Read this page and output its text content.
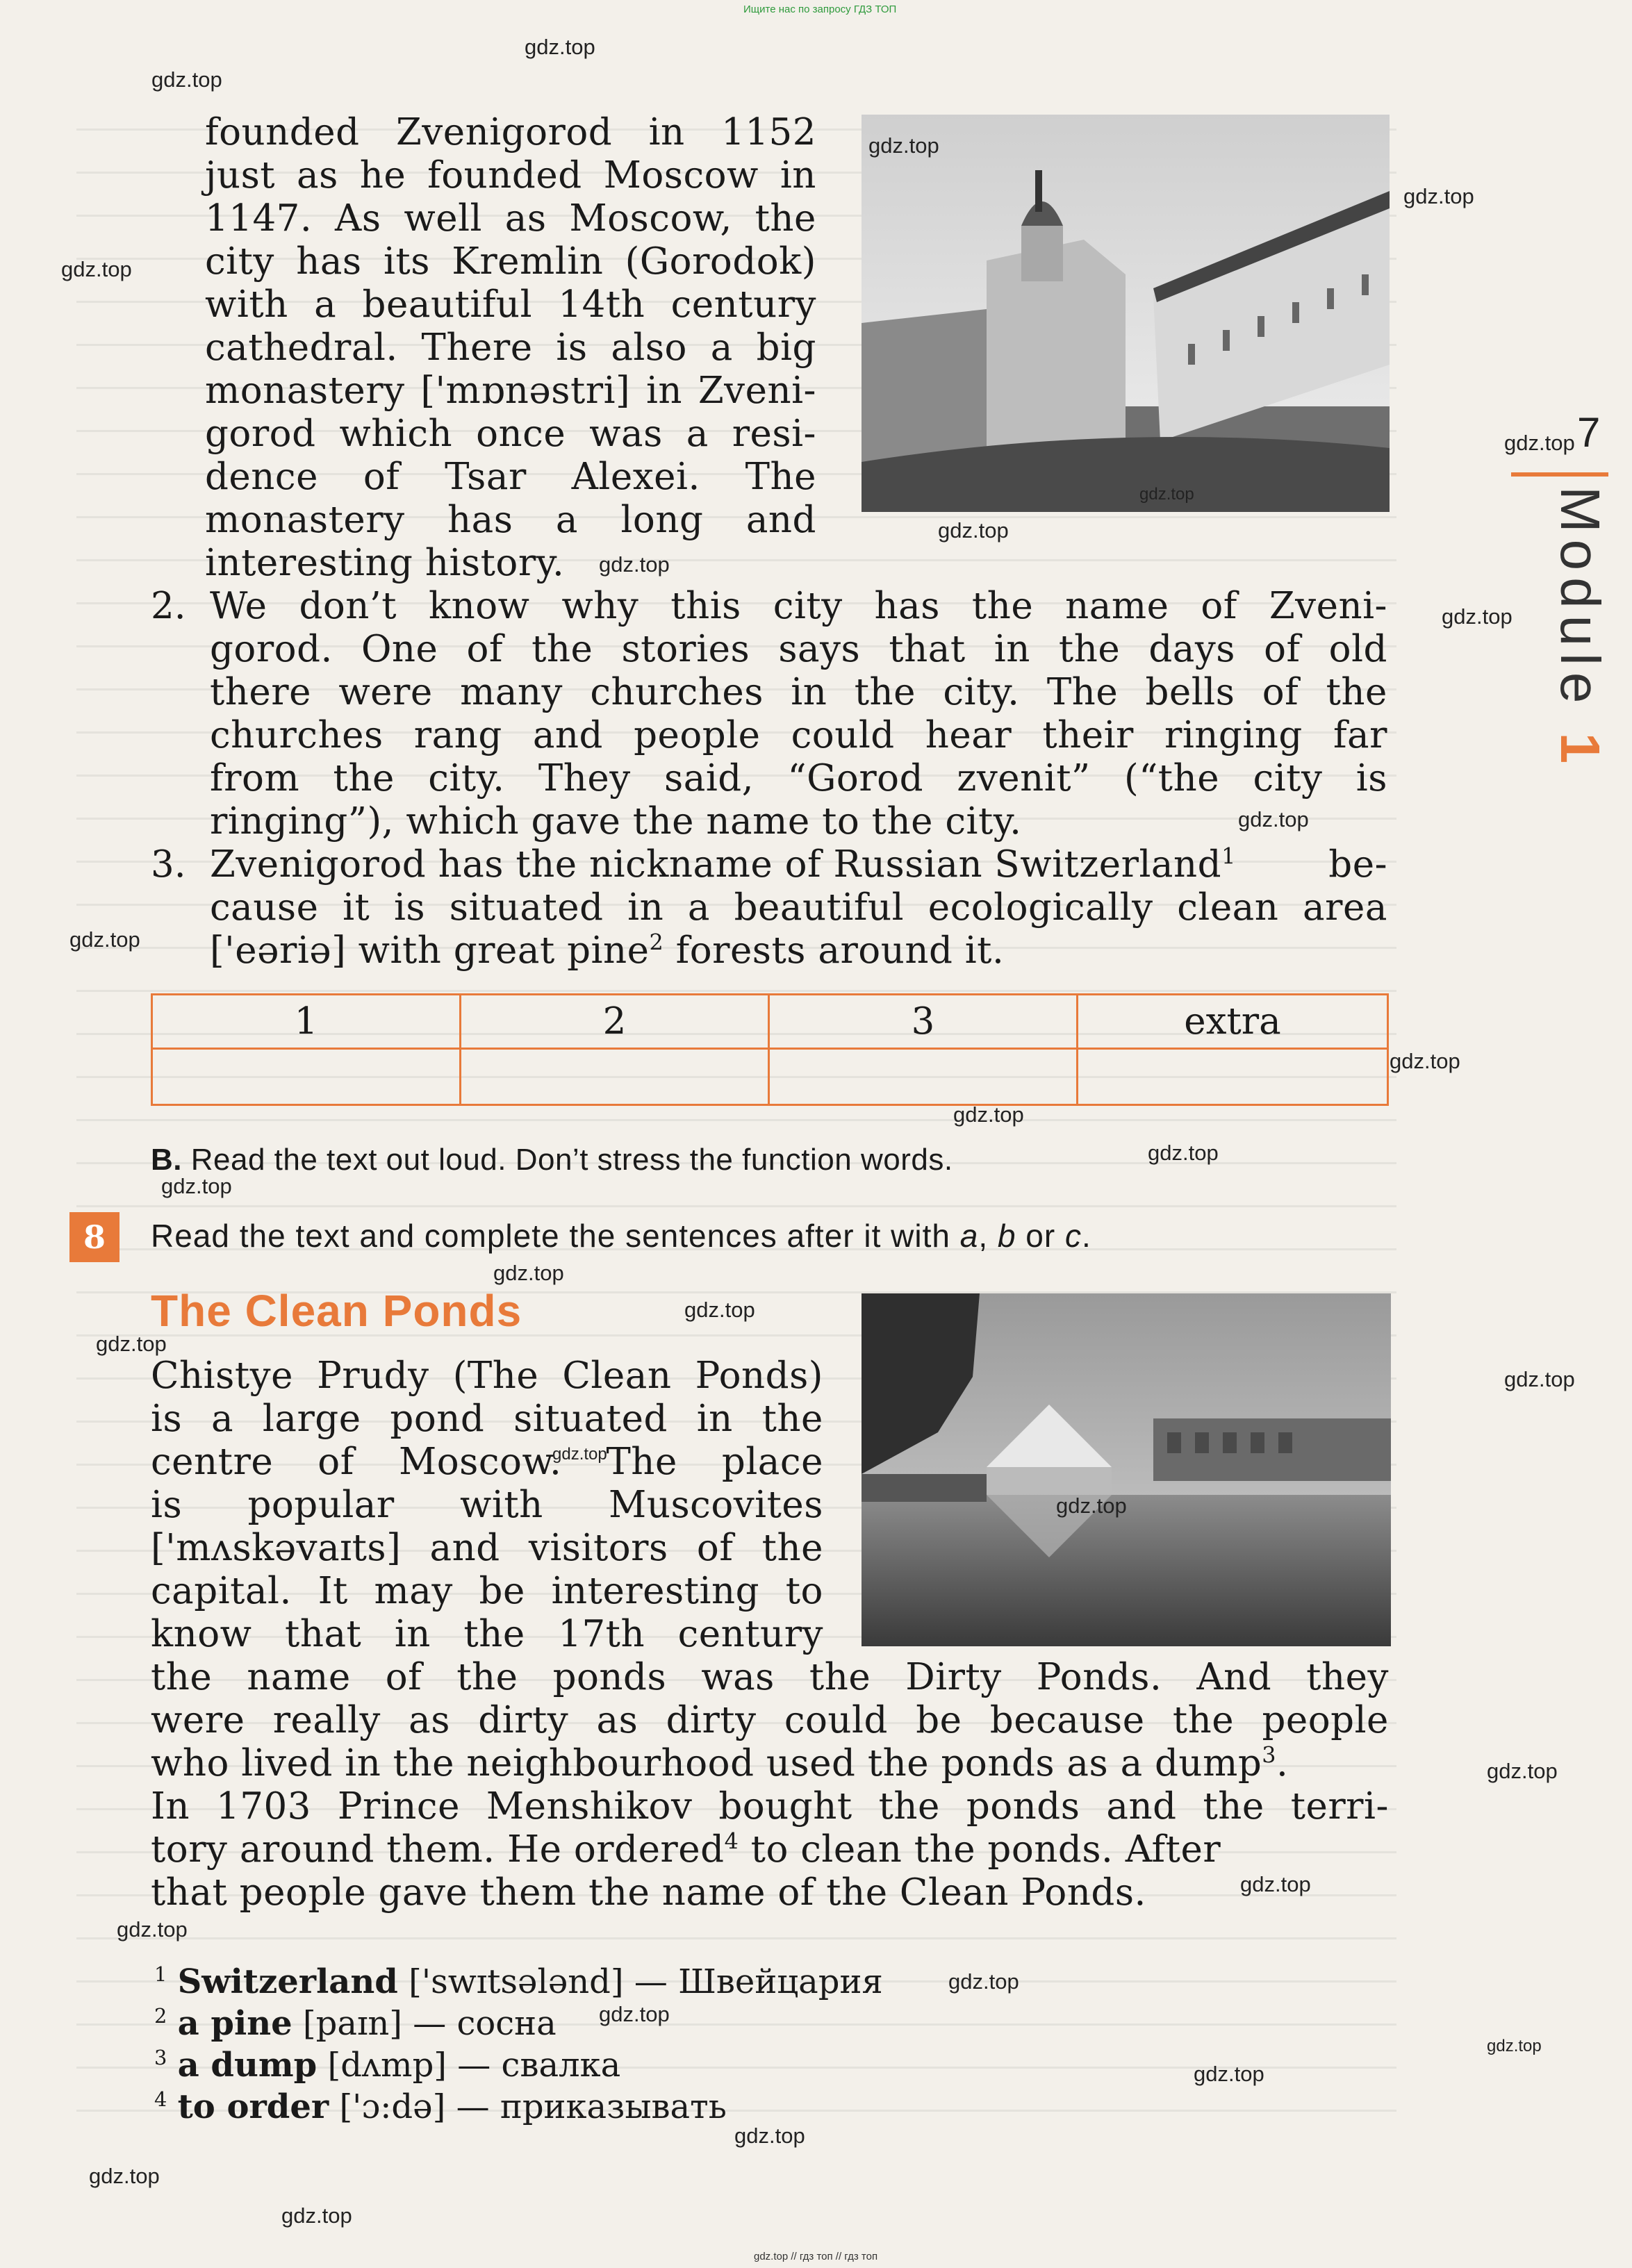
Ищите нас по запросу ГДЗ ТОП
founded Zvenigorod in 1152
just as he founded Moscow in
1147. As well as Moscow, the
city has its Kremlin (Gorodok)
with a beautiful 14th century
cathedral. There is also a big
monastery ['mɒnəstri] in Zveni-
gorod which once was a resi-
dence of Tsar Alexei. The
monastery has a long and
interesting history.
2. We don’t know why this city has the name of Zveni-
gorod. One of the stories says that in the days of old
there were many churches in the city. The bells of the
churches rang and people could hear their ringing far
from the city. They said, “Gorod zvenit” (“the city is
ringing”), which gave the name to the city.
3. Zvenigorod has the nickname of Russian Switzerland$^1$	be-
cause it is situated in a beautiful ecologically clean area
['eəriə] with great pine$^2$ forests around it.
1	2	3	extra
B. Read the text out loud. Don’t stress the function words.
8	Read the text and complete the sentences after it with a, b or c.
The Clean Ponds
Chistye Prudy (The Clean Ponds)
is a large pond situated in the
centre of Moscow. The place
is popular with Muscovites
['mʌskəvaɪts] and visitors of the
capital. It may be interesting to
know that in the 17th century
the name of the ponds was the Dirty Ponds. And they
were really as dirty as dirty could be because the people
who lived in the neighbourhood used the ponds as a dump$^3$.
In 1703 Prince Menshikov bought the ponds and the terri-
tory around them. He ordered$^4$ to clean the ponds. After
that people gave them the name of the Clean Ponds.
$^1$ Switzerland ['swɪtsələnd] — Швейцария
$^2$ a pine [paɪn] — сосна
$^3$ a dump [dʌmp] — свалка
$^4$ to order ['ɔ:də] — приказывать
7
Module 1
gdz.top
gdz.top
gdz.top
gdz.top
gdz.top
gdz.top
gdz.top
gdz.top
gdz.top
gdz.top
gdz.top
gdz.top
gdz.top
gdz.top
gdz.top
gdz.top
gdz.top
gdz.top
gdz.top
gdz.top
gdz.top
gdz.top
gdz.top
gdz.top
gdz.top
gdz.top
gdz.top
gdz.top
gdz.top
gdz.top
gdz.top
gdz.top
gdz.top // гдз топ // гдз топ
